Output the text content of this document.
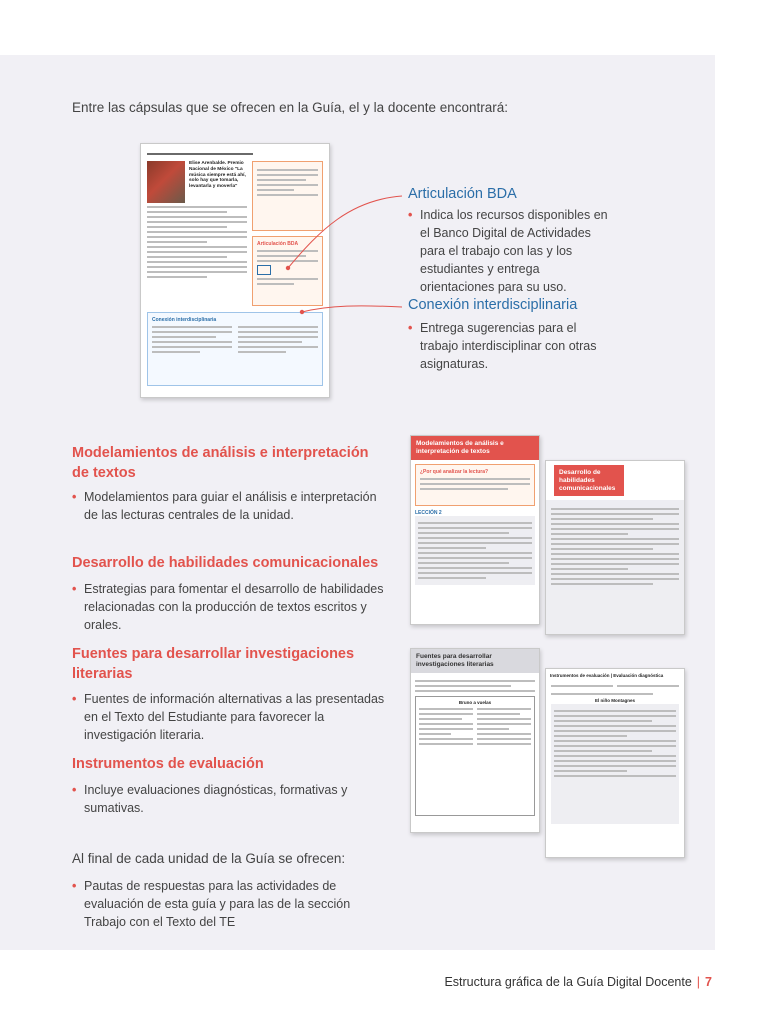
Entre las cápsulas que se ofrecen en la Guía, el y la docente encontrará:

Elise Arenbalde. Premio Nacional de México "La música siempre está ahí, solo hay que tomarla, levantarla y moverla"
Articulación BDA
Conexión interdisciplinaria
Articulación BDA
• Indica los recursos disponibles en el Banco Digital de Actividades para el trabajo con las y los estudiantes y entrega orientaciones para su uso.
Conexión interdisciplinaria
• Entrega sugerencias para el trabajo interdisciplinar con otras asignaturas.
Modelamientos de análisis e interpretación de textos
• Modelamientos para guiar el análisis e interpretación de las lecturas centrales de la unidad.
Desarrollo de habilidades comunicacionales
• Estrategias para fomentar el desarrollo de habilidades relacionadas con la producción de textos escritos y orales.
Fuentes para desarrollar investigaciones literarias
• Fuentes de información alternativas a las presentadas en el Texto del Estudiante para favorecer la investigación literaria.
Instrumentos de evaluación
• Incluye evaluaciones diagnósticas, formativas y sumativas.
Al final de cada unidad de la Guía se ofrecen:
• Pautas de respuestas para las actividades de evaluación de esta guía y para las de la sección Trabajo con el Texto del TE
Modelamientos de análisis e interpretación de textos
¿Por qué analizar la lectura?
LECCIÓN 2
Desarrollo de habilidades comunicacionales
Fuentes para desarrollar investigaciones literarias
Bruno a vuelas
Instrumentos de evaluación | Evaluación diagnóstica
El niño Montagnes
Estructura gráfica de la Guía Digital Docente | 7
